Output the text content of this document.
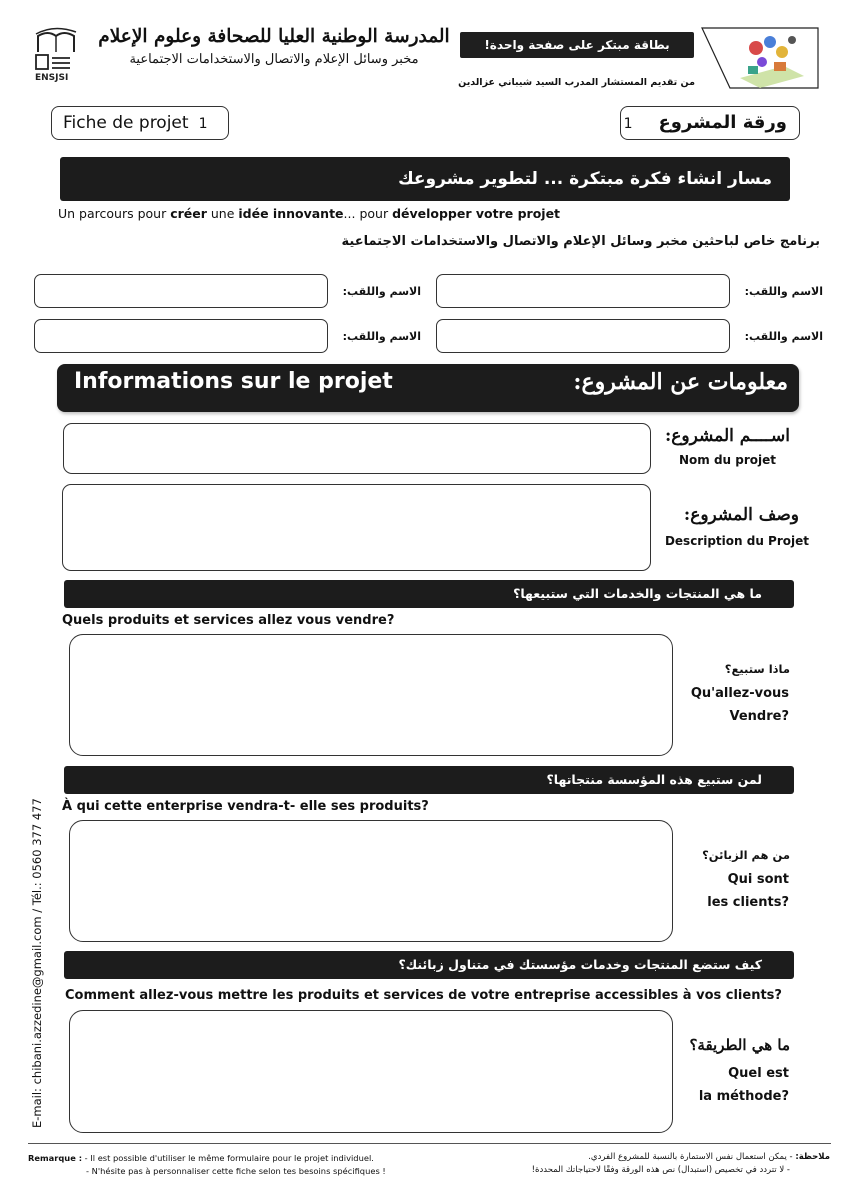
ENSJSI
المدرسة الوطنية العليا للصحافة وعلوم الإعلام
مخبر وسائل الإعلام والاتصال والاستخدامات الاجتماعية
بطاقة مبتكر على صفحة واحدة!
من تقديم المستشار المدرب السيد شيباني عزالدين
Fiche de projet 1	ورقة المشروع1
مسار انشاء فكرة مبتكرة ... لتطوير مشروعك
Un parcours pour créer une idée innovante... pour développer votre projet
برنامج خاص لباحثين مخبر وسائل الإعلام والاتصال والاستخدامات الاجتماعية
الاسم واللقب:
الاسم واللقب:
الاسم واللقب:
الاسم واللقب:
Informations sur le projet	معلومات عن المشروع:
اســــم المشروع:
Nom du projet
وصف المشروع:
Description du Projet
ما هي المنتجات والخدمات التي ستبيعها؟
Quels produits et services allez vous vendre?
ماذا ستبيع؟
Qu'allez-vous
Vendre?
لمن ستبيع هذه المؤسسة منتجاتها؟
À qui cette enterprise vendra-t- elle ses produits?
من هم الزبائن؟
Qui sont
les clients?
كيف ستضع المنتجات وخدمات مؤسستك في متناول زبائنك؟
Comment allez-vous mettre les produits et services de votre entreprise accessibles à vos clients?
ما هي الطريقة؟
Quel est
la méthode?
E-mail: chibani.azzedine@gmail.com / Tél.: 0560 377 477
Remarque : - Il est possible d'utiliser le même formulaire pour le projet individuel.
- N'hésite pas à personnaliser cette fiche selon tes besoins spécifiques !
ملاحظة: - يمكن استعمال نفس الاستمارة بالنسبة للمشروع الفردي.
- لا تتردد في تخصيص (استبدال) نص هذه الورقة وفقًا لاحتياجاتك المحددة!
